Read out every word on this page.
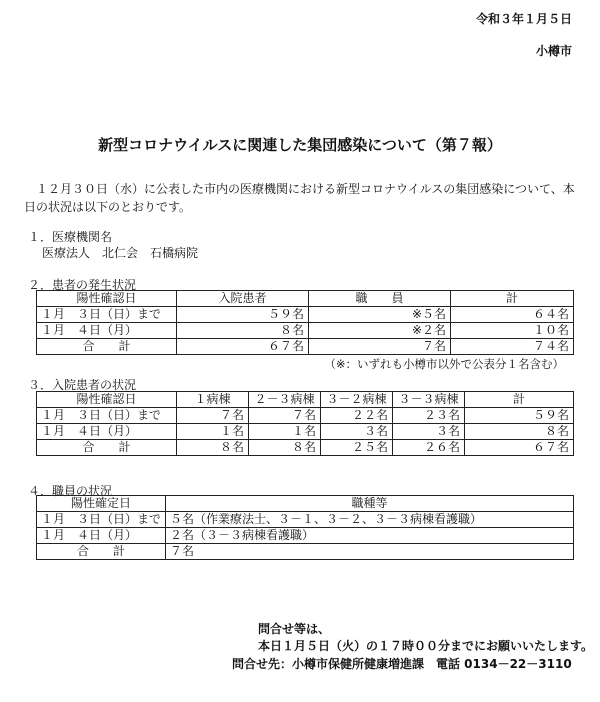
令和３年１月５日
小樽市
新型コロナウイルスに関連した集団感染について（第７報）
　１２月３０日（水）に公表した市内の医療機関における新型コロナウイルスの集団感染について、本日の状況は以下のとおりです。
１．医療機関名
医療法人　北仁会　石橋病院
２．患者の発生状況
陽性確認日	入院患者	職　　員	計
１月　３日（日）まで	５９名	※５名	６４名
１月　４日（月）	８名	※２名	１０名
合　　計	６７名	７名	７４名
（※：いずれも小樽市以外で公表分１名含む）
３．入院患者の状況
陽性確認日	１病棟	２－３病棟	３－２病棟	３－３病棟	計
１月　３日（日）まで	７名	７名	２２名	２３名	５９名
１月　４日（月）	１名	１名	３名	３名	８名
合　　計	８名	８名	２５名	２６名	６７名
４．職員の状況
陽性確定日	職種等
１月　３日（日）まで	５名（作業療法士、３－１、３－２、３－３病棟看護職）
１月　４日（月）	２名（３－３病棟看護職）
合　　計	７名
問合せ等は、
本日１月５日（火）の１７時００分までにお願いいたします。
問合せ先：小樽市保健所健康増進課　電話 0134－22－3110
